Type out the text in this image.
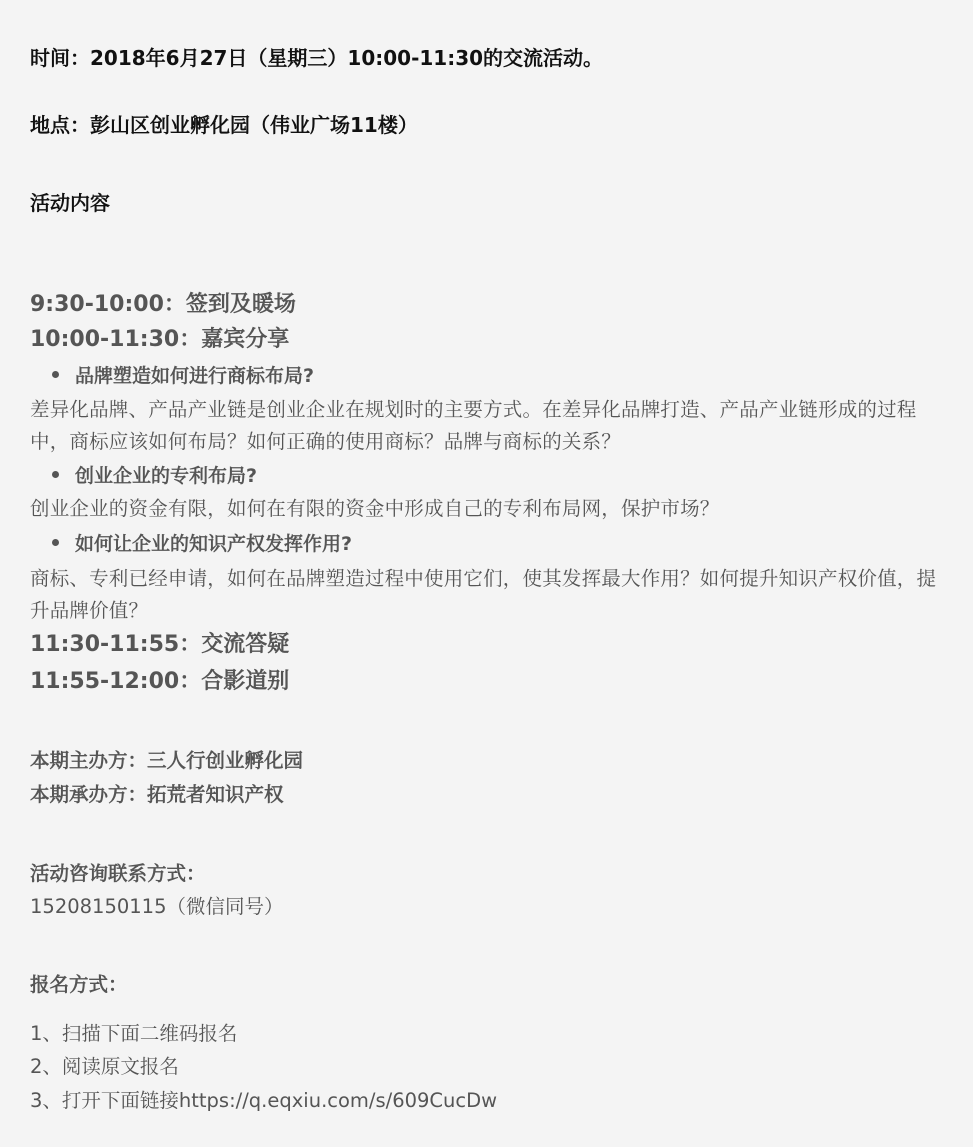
时间：2018年6月27日（星期三）10:00-11:30的交流活动。

地点：彭山区创业孵化园（伟业广场11楼）

活动内容

9:30-10:00：签到及暖场

10:00-11:30：嘉宾分享

品牌塑造如何进行商标布局?

差异化品牌、产品产业链是创业企业在规划时的主要方式。在差异化品牌打造、产品产业链形成的过程中，商标应该如何布局？如何正确的使用商标？品牌与商标的关系？

创业企业的专利布局?

创业企业的资金有限，如何在有限的资金中形成自己的专利布局网，保护市场？

如何让企业的知识产权发挥作用?

商标、专利已经申请，如何在品牌塑造过程中使用它们，使其发挥最大作用？如何提升知识产权价值，提升品牌价值？

11:30-11:55：交流答疑

11:55-12:00：合影道别

本期主办方：三人行创业孵化园

本期承办方：拓荒者知识产权

活动咨询联系方式：

15208150115（微信同号）

报名方式：

1、扫描下面二维码报名

2、阅读原文报名

3、打开下面链接https://q.eqxiu.com/s/609CucDw
